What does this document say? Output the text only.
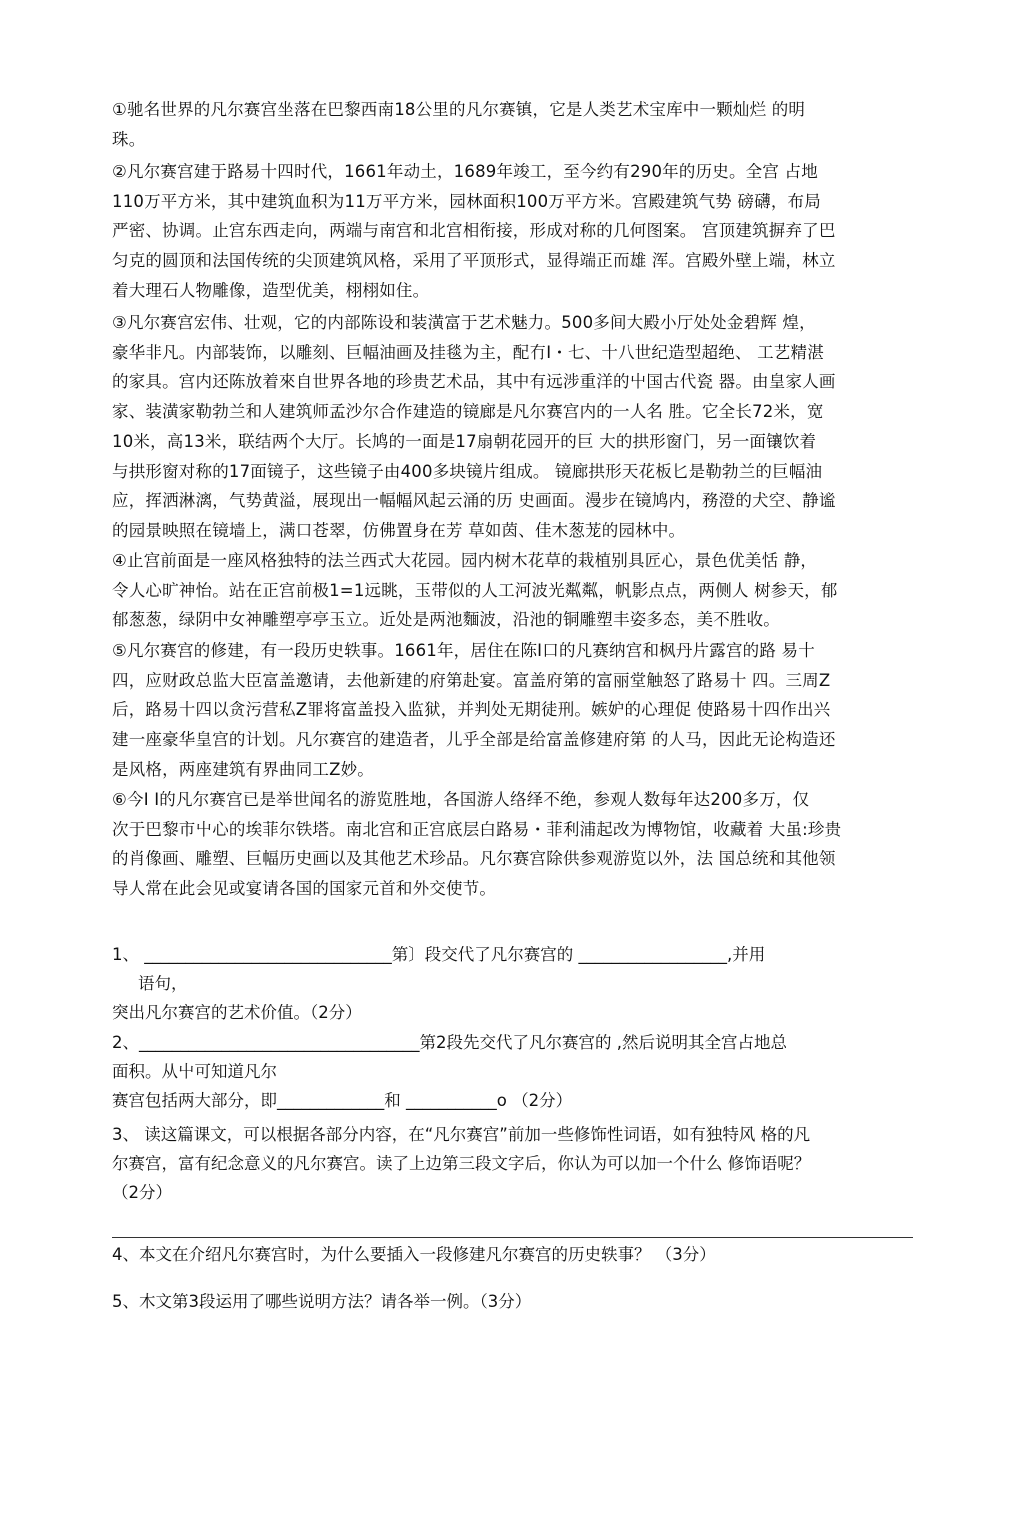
①驰名世界的凡尔赛宫坐落在巴黎西南18公里的凡尔赛镇，它是人类艺术宝库中一颗灿烂 的明
珠。
②凡尔赛宫建于路易十四时代，1661年动土，1689年竣工，至今约有290年的历史。全宫 占地
110万平方米，其中建筑血积为11万平方米，园林面积100万平方米。宫殿建筑气势 磅礴，布局
严密、协调。止宫东西走向，两端与南宫和北宫相衔接，形成对称的几何图案。 宫顶建筑摒弃了巴
匀克的圆顶和法国传统的尖顶建筑风格，采用了平顶形式，显得端正而雄 浑。宫殿外壁上端，林立
着大理石人物雕像，造型优美，栩栩如住。
③凡尔赛宫宏伟、壮观，它的内部陈设和装潢富于艺术魅力。500多间大殿小厅处处金碧辉 煌，
豪华非凡。内部装饰，以雕刻、巨幅油画及挂毯为主，配冇I・七、十八世纪造型超绝、 工艺精湛
的家具。宫内还陈放着來自世界各地的珍贵艺术品，其中有远涉重洋的屮国古代瓷 器。由皇家人画
家、装潢家勒勃兰和人建筑师孟沙尔合作建造的镜廊是凡尔赛宫内的一人名 胜。它全长72米，宽
10米，高13米，联结两个大厅。长鸠的一面是17扇朝花园开的巨 大的拱形窗门，另一面镶饮着
与拱形窗对称的17面镜子，这些镜子由400多块镜片组成。 镜廊拱形天花板匕是勒勃兰的巨幅油
应，挥洒淋漓，气势黄溢，展现出一幅幅风起云涌的历 史画面。漫步在镜鸠内，務澄的犬空、静谧
的园景映照在镜墙上，满口苍翠，仿佛置身在芳 草如茵、佳木葱茏的园林中。
④止宫前面是一座风格独特的法兰西式大花园。园内树木花草的栽植别具匠心，景色优美恬 静，
令人心旷神怡。站在正宫前极1=1远眺，玉带似的人工河波光粼粼，帆影点点，两侧人 树参天，郁
郁葱葱，绿阴中女神雕塑亭亭玉立。近处是两池麵波，沿池的铜雕塑丰姿多态，美不胜收。
⑤凡尔赛宫的修建，有一段历史轶事。1661年，居住在陈I口的凡赛纳宫和枫丹片露宫的路 易十
四，应财政总监大臣富盖邀请，去他新建的府第赴宴。富盖府第的富丽堂触怒了路易十 四。三周Z
后，路易十四以贪污营私Z罪将富盖投入监狱，并判处无期徒刑。嫉妒的心理促 使路易十四作出兴
建一座豪华皇宫的计划。凡尔赛宫的建造者，儿乎全部是给富盖修建府第 的人马，因此无论构造还
是风格，两座建筑有界曲同工Z妙。
⑥今I I的凡尔赛宫已是举世闻名的游览胜地，各国游人络绎不绝，参观人数每年达200多万，仅
次于巴黎市屮心的埃菲尔铁塔。南北宫和正宫底层白路易・菲利浦起改为博物馆，收藏着 大虽:珍贵
的肖像画、雕塑、巨幅历史画以及其他艺术珍品。凡尔赛宫除供参观游览以外，法 国总统和其他领
导人常在此会见或宴请各国的国家元首和外交使节。
1、 ______________________________第〕段交代了凡尔赛宫的 __________________,并用
语句，
突出凡尔赛宫的艺术价值。（2分）
2、__________________________________第2段先交代了凡尔赛宫的 ,然后说明其全宫占地总
面积。从屮可知道凡尔
赛宫包括两大部分，即_____________和 ___________o （2分）
3、 读这篇课文，可以根据各部分内容，在“凡尔赛宫”前加一些修饰性词语，如有独特风 格的凡
尔赛宫，富有纪念意义的凡尔赛宫。读了上边第三段文字后，你认为可以加一个什么 修饰语呢？
（2分）
4、本文在介绍凡尔赛宫时，为什么要插入一段修建凡尔赛宫的历史轶事？ （3分）
5、木文第3段运用了哪些说明方法？请各举一例。（3分）
